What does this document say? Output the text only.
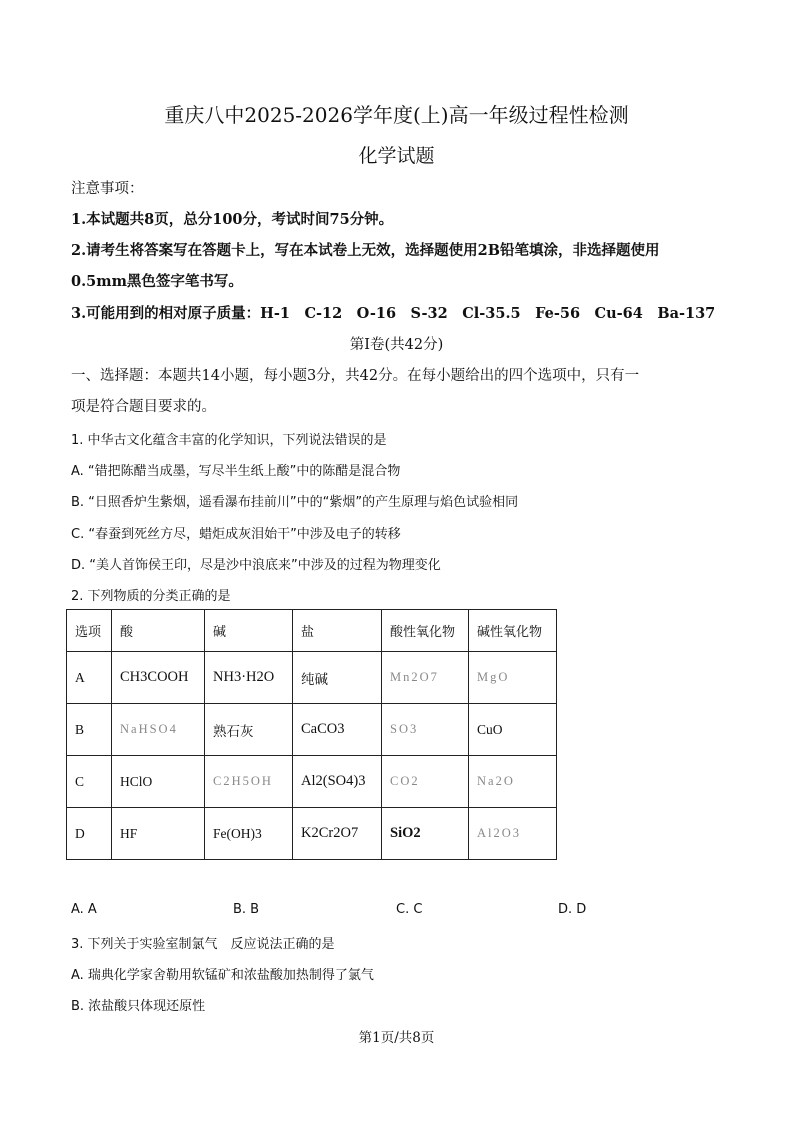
重庆八中2025-2026学年度(上)高一年级过程性检测
化学试题
注意事项：
1.本试题共8页，总分100分，考试时间75分钟。
2.请考生将答案写在答题卡上，写在本试卷上无效，选择题使用2B铅笔填涂，非选择题使用
0.5mm黑色签字笔书写。
3.可能用到的相对原子质量：H-1　C-12　O-16　S-32　Cl-35.5　Fe-56　Cu-64　Ba-137
第I卷(共42分)
一、选择题：本题共14小题，每小题3分，共42分。在每小题给出的四个选项中，只有一
项是符合题目要求的。
1. 中华古文化蕴含丰富的化学知识，下列说法错误的是
A. “错把陈醋当成墨，写尽半生纸上酸”中的陈醋是混合物
B. “日照香炉生紫烟，遥看瀑布挂前川”中的“紫烟”的产生原理与焰色试验相同
C. “春蚕到死丝方尽，蜡炬成灰泪始干”中涉及电子的转移
D. “美人首饰侯王印，尽是沙中浪底来”中涉及的过程为物理变化
2. 下列物质的分类正确的是
选项	酸	碱	盐	酸性氧化物	碱性氧化物
A	CH3COOH	NH3·H2O	纯碱	Mn2O7	MgO
B	NaHSO4	熟石灰	CaCO3	SO3	CuO
C	HClO	C2H5OH	Al2(SO4)3	CO2	Na2O
D	HF	Fe(OH)3	K2Cr2O7	SiO2	Al2O3
A. A	B. B	C. C	D. D
3. 下列关于实验室制氯气　反应说法正确的是
A. 瑞典化学家舍勒用软锰矿和浓盐酸加热制得了氯气
B. 浓盐酸只体现还原性
第1页/共8页
